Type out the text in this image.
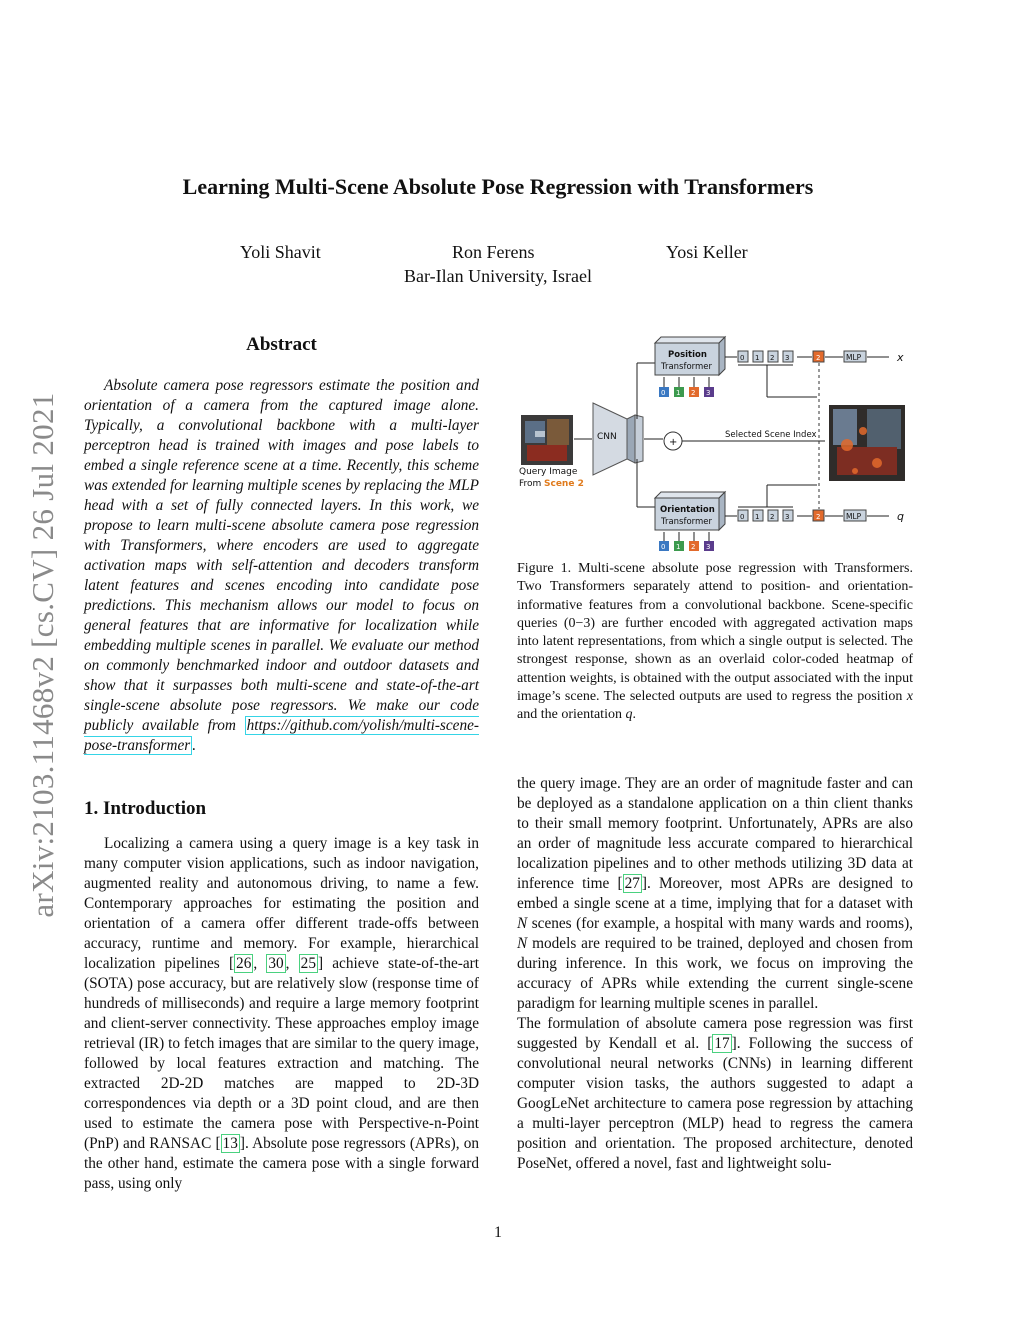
arXiv:2103.11468v2 [cs.CV] 26 Jul 2021
Learning Multi-Scene Absolute Pose Regression with Transformers
Yoli Shavit	Ron Ferens	Yosi Keller
Bar-Ilan University, Israel
Abstract

Absolute camera pose regressors estimate the position and orientation of a camera from the captured image alone. Typically, a convolutional backbone with a multi-layer perceptron head is trained with images and pose labels to embed a single reference scene at a time. Recently, this scheme was extended for learning multiple scenes by replacing the MLP head with a set of fully connected layers. In this work, we propose to learn multi-scene absolute camera pose regression with Transformers, where encoders are used to aggregate activation maps with self-attention and decoders transform latent features and scenes encoding into candidate pose predictions. This mechanism allows our model to focus on general features that are informative for localization while embedding multiple scenes in parallel. We evaluate our method on commonly benchmarked indoor and outdoor datasets and show that it surpasses both multi-scene and state-of-the-art single-scene absolute pose regressors. We make our code publicly available from https://github.com/yolish/multi-scene-pose-transformer .

Query Image
From Scene 2
CNN	+
Position
Transformer
0 1 2 3
Orientation
Transformer
0 1 2 3
0 1 2 3	2	MLP	x
0 1 2 3	2	MLP	q
Selected Scene Index

Figure 1. Multi-scene absolute pose regression with Transformers. Two Transformers separately attend to position- and orientation-informative features from a convolutional backbone. Scene-specific queries (0−3) are further encoded with aggregated activation maps into latent representations, from which a single output is selected. The strongest response, shown as an overlaid color-coded heatmap of attention weights, is obtained with the output associated with the input image’s scene. The selected outputs are used to regress the position x and the orientation q.

1. Introduction

Localizing a camera using a query image is a key task in many computer vision applications, such as indoor navigation, augmented reality and autonomous driving, to name a few. Contemporary approaches for estimating the position and orientation of a camera offer different trade-offs between accuracy, runtime and memory. For example, hierarchical localization pipelines [ 26 , 30 , 25 ] achieve state-of-the-art (SOTA) pose accuracy, but are relatively slow (response time of hundreds of milliseconds) and require a large memory footprint and client-server connectivity. These approaches employ image retrieval (IR) to fetch images that are similar to the query image, followed by local features extraction and matching. The extracted 2D-2D matches are mapped to 2D-3D correspondences via depth or a 3D point cloud, and are then used to estimate the camera pose with Perspective-n-Point (PnP) and RANSAC [ 13 ]. Absolute pose regressors (APRs), on the other hand, estimate the camera pose with a single forward pass, using only

the query image. They are an order of magnitude faster and can be deployed as a standalone application on a thin client thanks to their small memory footprint. Unfortunately, APRs are also an order of magnitude less accurate compared to hierarchical localization pipelines and to other methods utilizing 3D data at inference time [ 27 ]. Moreover, most APRs are designed to embed a single scene at a time, implying that for a dataset with N scenes (for example, a hospital with many wards and rooms), N models are required to be trained, deployed and chosen from during inference. In this work, we focus on improving the accuracy of APRs while extending the current single-scene paradigm for learning multiple scenes in parallel.

The formulation of absolute camera pose regression was first suggested by Kendall et al. [ 17 ]. Following the success of convolutional neural networks (CNNs) in learning different computer vision tasks, the authors suggested to adapt a GoogLeNet architecture to camera pose regression by attaching a multi-layer perceptron (MLP) head to regress the camera position and orientation. The proposed architecture, denoted PoseNet, offered a novel, fast and lightweight solu-

1
